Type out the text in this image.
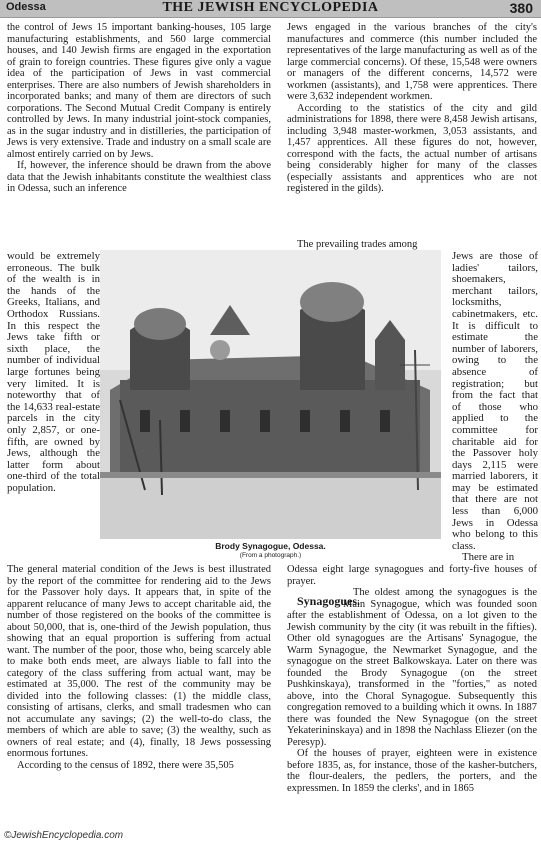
Odessa	THE JEWISH ENCYCLOPEDIA	380

the control of Jews 15 important banking-houses, 105 large manufacturing establishments, and 560 large commercial houses, and 140 Jewish firms are engaged in the exportation of grain to foreign countries. These figures give only a vague idea of the participation of Jews in vast commercial enterprises. There are also numbers of Jewish shareholders in incorporated banks; and many of them are directors of such corporations. The Second Mutual Credit Company is entirely controlled by Jews. In many industrial joint-stock companies, as in the sugar industry and in distilleries, the participation of Jews is very extensive. Trade and industry on a small scale are almost entirely carried on by Jews.

If, however, the inference should be drawn from the above data that the Jewish inhabitants constitute the wealthiest class in Odessa, such an inference

would be extremely erroneous. The bulk of the wealth is in the hands of the Greeks, Italians, and Orthodox Russians. In this respect the Jews take fifth or sixth place, the number of individual large fortunes being very limited. It is noteworthy that of the 14,633 real-estate parcels in the city only 2,857, or one-fifth, are owned by Jews, although the latter form about one-third of the total population.

Brody Synagogue, Odessa.
(From a photograph.)

The general material condition of the Jews is best illustrated by the report of the committee for rendering aid to the Jews for the Passover holy days. It appears that, in spite of the apparent relucance of many Jews to accept charitable aid, the number of those registered on the books of the committee is about 50,000, that is, one-third of the Jewish population, thus showing that an equal proportion is suffering from actual want. The number of the poor, those who, being scarcely able to make both ends meet, are always liable to fall into the category of the class suffering from actual want, may be estimated at 35,000. The rest of the community may be divided into the following classes: (1) the middle class, consisting of artisans, clerks, and small tradesmen who can not accumulate any savings; (2) the well-to-do class, the members of which are able to save; (3) the wealthy, such as owners of real estate; and (4), finally, 18 Jews possessing enormous fortunes.

According to the census of 1892, there were 35,505

Jews engaged in the various branches of the city's manufactures and commerce (this number included the representatives of the large manufacturing as well as of the large commercial concerns). Of these, 15,548 were owners or managers of the different concerns, 14,572 were workmen (assistants), and 1,758 were apprentices. There were 3,632 independent workmen.

According to the statistics of the city and gild administrations for 1898, there were 8,458 Jewish artisans, including 3,948 master-workmen, 3,053 assistants, and 1,457 apprentices. All these figures do not, however, correspond with the facts, the actual number of artisans being considerably higher for many of the classes (especially assistants and apprentices who are not registered in the gilds).

The prevailing trades among

Jews are those of ladies' tailors, shoemakers, merchant tailors, locksmiths, cabinetmakers, etc. It is difficult to estimate the number of laborers, owing to the absence of registration; but from the fact that of those who applied to the committee for charitable aid for the Passover holy days 2,115 were married laborers, it may be estimated that there are not less than 6,000 Jews in Odessa who belong to this class.

There are in

Odessa eight large synagogues and forty-five houses of prayer.

Synagogues.
The oldest among the synagogues is the Main Synagogue, which was founded soon after the establishment of Odessa, on a lot given to the Jewish community by the city (it was rebuilt in the fifties). Other old synagogues are the Artisans' Synagogue, the Warm Synagogue, the Newmarket Synagogue, and the synagogue on the street Balkowskaya. Later on there was founded the Brody Synagogue (on the street Pushkinskaya), transformed in the "forties," as noted above, into the Choral Synagogue. Subsequently this congregation removed to a building which it owns. In 1887 there was founded the New Synagogue (on the street Yekaterininskaya) and in 1898 the Nachlass Eliezer (on the Peresyp).

Of the houses of prayer, eighteen were in existence before 1835, as, for instance, those of the kasher-butchers, the flour-dealers, the pedlers, the porters, and the expressmen. In 1859 the clerks', and in 1865

©JewishEncyclopedia.com
